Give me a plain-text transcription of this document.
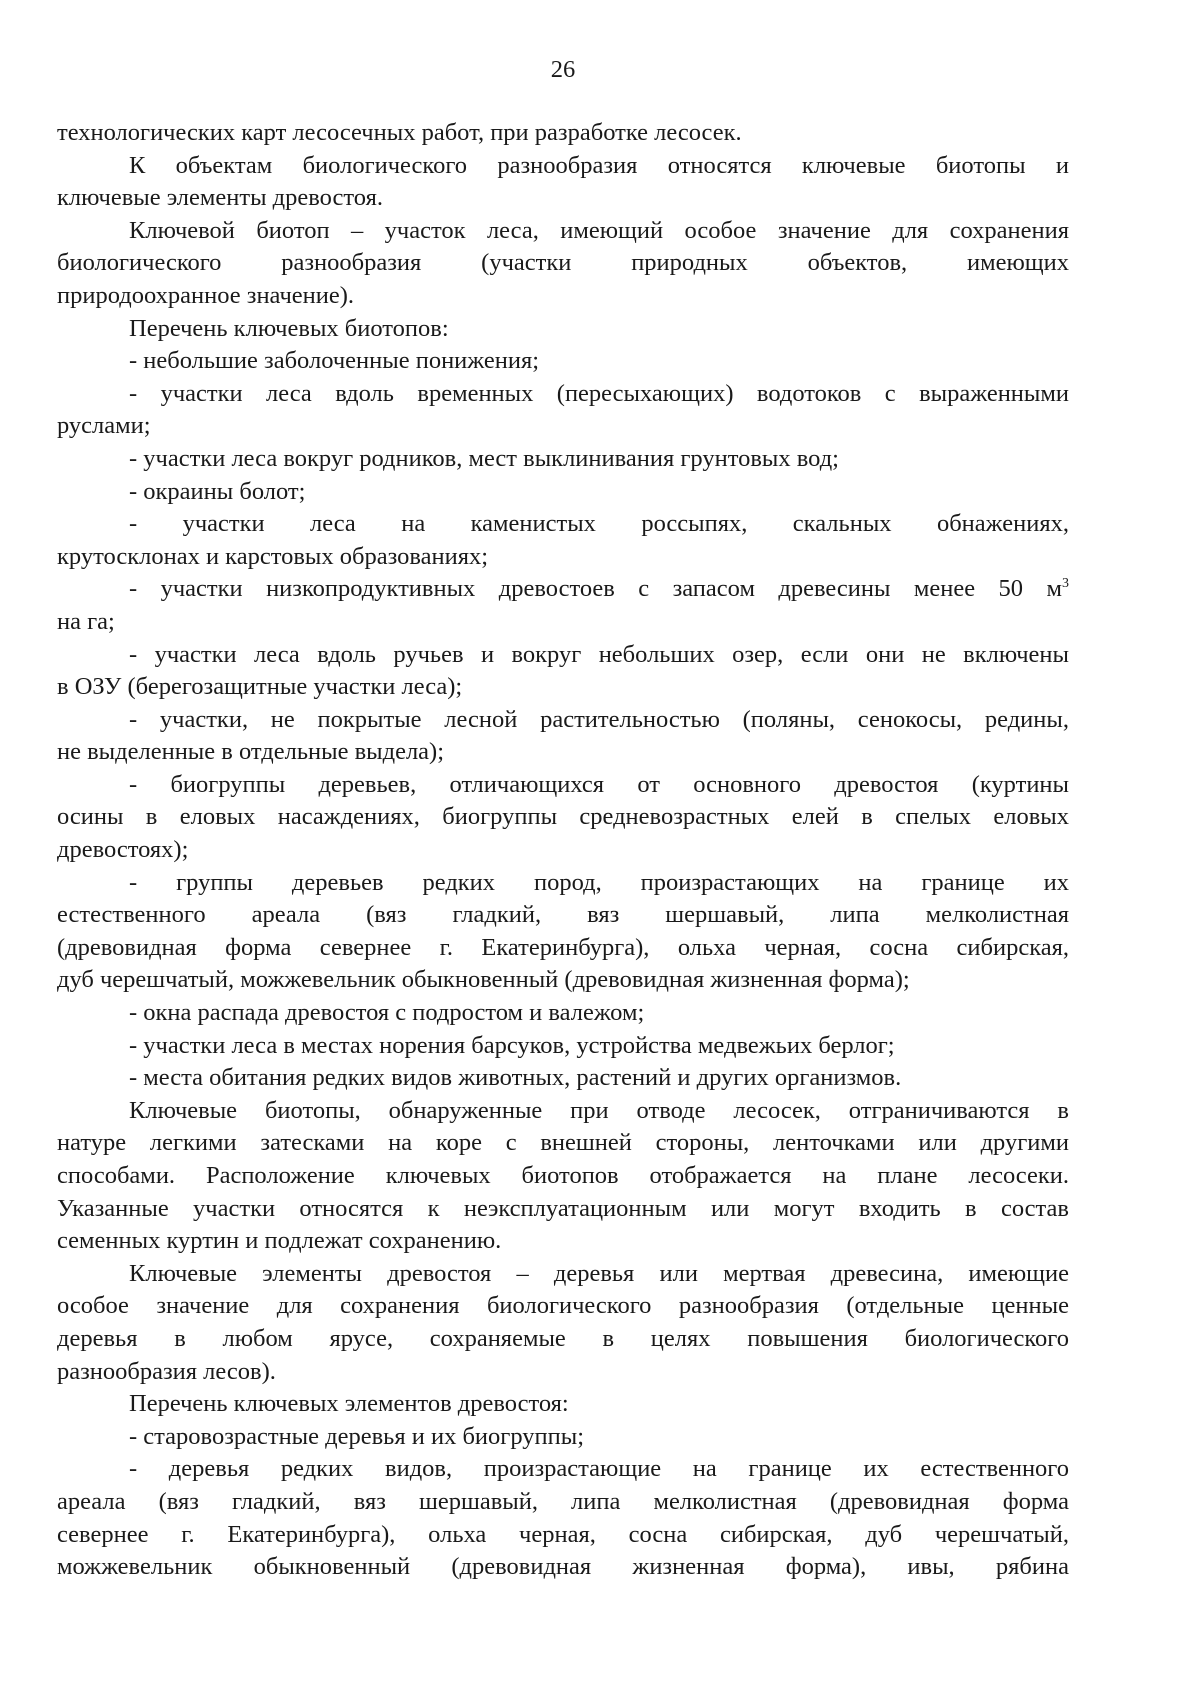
26
технологических карт лесосечных работ, при разработке лесосек.
К объектам биологического разнообразия относятся ключевые биотопы и
ключевые элементы древостоя.
Ключевой биотоп – участок леса, имеющий особое значение для сохранения
биологического разнообразия (участки природных объектов, имеющих
природоохранное значение).
Перечень ключевых биотопов:
- небольшие заболоченные понижения;
- участки леса вдоль временных (пересыхающих) водотоков с выраженными
руслами;
- участки леса вокруг родников, мест выклинивания грунтовых вод;
- окраины болот;
- участки леса на каменистых россыпях, скальных обнажениях,
крутосклонах и карстовых образованиях;
- участки низкопродуктивных древостоев с запасом древесины менее 50 $м^3$
на га;
- участки леса вдоль ручьев и вокруг небольших озер, если они не включены
в ОЗУ (берегозащитные участки леса);
- участки, не покрытые лесной растительностью (поляны, сенокосы, редины,
не выделенные в отдельные выдела);
- биогруппы деревьев, отличающихся от основного древостоя (куртины
осины в еловых насаждениях, биогруппы средневозрастных елей в спелых еловых
древостоях);
- группы деревьев редких пород, произрастающих на границе их
естественного ареала (вяз гладкий, вяз шершавый, липа мелколистная
(древовидная форма севернее г. Екатеринбурга), ольха черная, сосна сибирская,
дуб черешчатый, можжевельник обыкновенный (древовидная жизненная форма);
- окна распада древостоя с подростом и валежом;
- участки леса в местах норения барсуков, устройства медвежьих берлог;
- места обитания редких видов животных, растений и других организмов.
Ключевые биотопы, обнаруженные при отводе лесосек, отграничиваются в
натуре легкими затесками на коре с внешней стороны, ленточками или другими
способами. Расположение ключевых биотопов отображается на плане лесосеки.
Указанные участки относятся к неэксплуатационным или могут входить в состав
семенных куртин и подлежат сохранению.
Ключевые элементы древостоя – деревья или мертвая древесина, имеющие
особое значение для сохранения биологического разнообразия (отдельные ценные
деревья в любом ярусе, сохраняемые в целях повышения биологического
разнообразия лесов).
Перечень ключевых элементов древостоя:
- старовозрастные деревья и их биогруппы;
- деревья редких видов, произрастающие на границе их естественного
ареала (вяз гладкий, вяз шершавый, липа мелколистная (древовидная форма
севернее г. Екатеринбурга), ольха черная, сосна сибирская, дуб черешчатый,
можжевельник обыкновенный (древовидная жизненная форма), ивы, рябина
